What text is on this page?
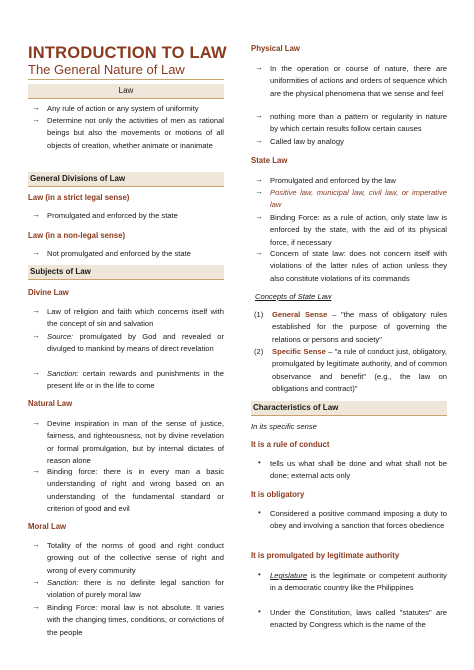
INTRODUCTION TO LAW
The General Nature of Law
Law
→ Any rule of action or any system of uniformity
→ Determine not only the activities of men as rational beings but also the movements or motions of all objects of creation, whether animate or inanimate
General Divisions of Law
Law (in a strict legal sense)
→ Promulgated and enforced by the state
Law (in a non-legal sense)
→ Not promulgated and enforced by the state
Subjects of Law
Divine Law
→ Law of religion and faith which concerns itself with the concept of sin and salvation
→ Source: promulgated by God and revealed or divulged to mankind by means of direct revelation
→ Sanction: certain rewards and punishments in the present life or in the life to come
Natural Law
→ Devine inspiration in man of the sense of justice, fairness, and righteousness, not by divine revelation or formal promulgation, but by internal dictates of reason alone
→ Binding force: there is in every man a basic understanding of right and wrong based on an understanding of the fundamental standard or criterion of good and evil
Moral Law
→ Totality of the norms of good and right conduct growing out of the collective sense of right and wrong of every community
→ Sanction: there is no definite legal sanction for violation of purely moral law
→ Binding Force: moral law is not absolute. It varies with the changing times, conditions, or convictions of the people
Physical Law
→ In the operation or course of nature, there are uniformities of actions and orders of sequence which are the physical phenomena that we sense and feel
→ nothing more than a pattern or regularity in nature by which certain results follow certain causes
→ Called law by analogy
State Law
→ Promulgated and enforced by the law
→ Positive law, municipal law, civil law, or imperative law
→ Binding Force: as a rule of action, only state law is enforced by the state, with the aid of its physical force, if necessary
→ Concern of state law: does not concern itself with violations of the latter rules of action unless they also constitute violations of its commands
Concepts of State Law
(1)	General Sense – "the mass of obligatory rules established for the purpose of governing the relations or persons and society"
(2)	Specific Sense – "a rule of conduct just, obligatory, promulgated by legitimate authority, and of common observance and benefit" (e.g., the law on obligations and contract)"
Characteristics of Law
In its specific sense
It is a rule of conduct
• tells us what shall be done and what shall not be done; external acts only
It is obligatory
• Considered a positive command imposing a duty to obey and involving a sanction that forces obedience
It is promulgated by legitimate authority
• Legislature is the legitimate or competent authority in a democratic country like the Philippines
• Under the Constitution, laws called "statutes" are enacted by Congress which is the name of the
